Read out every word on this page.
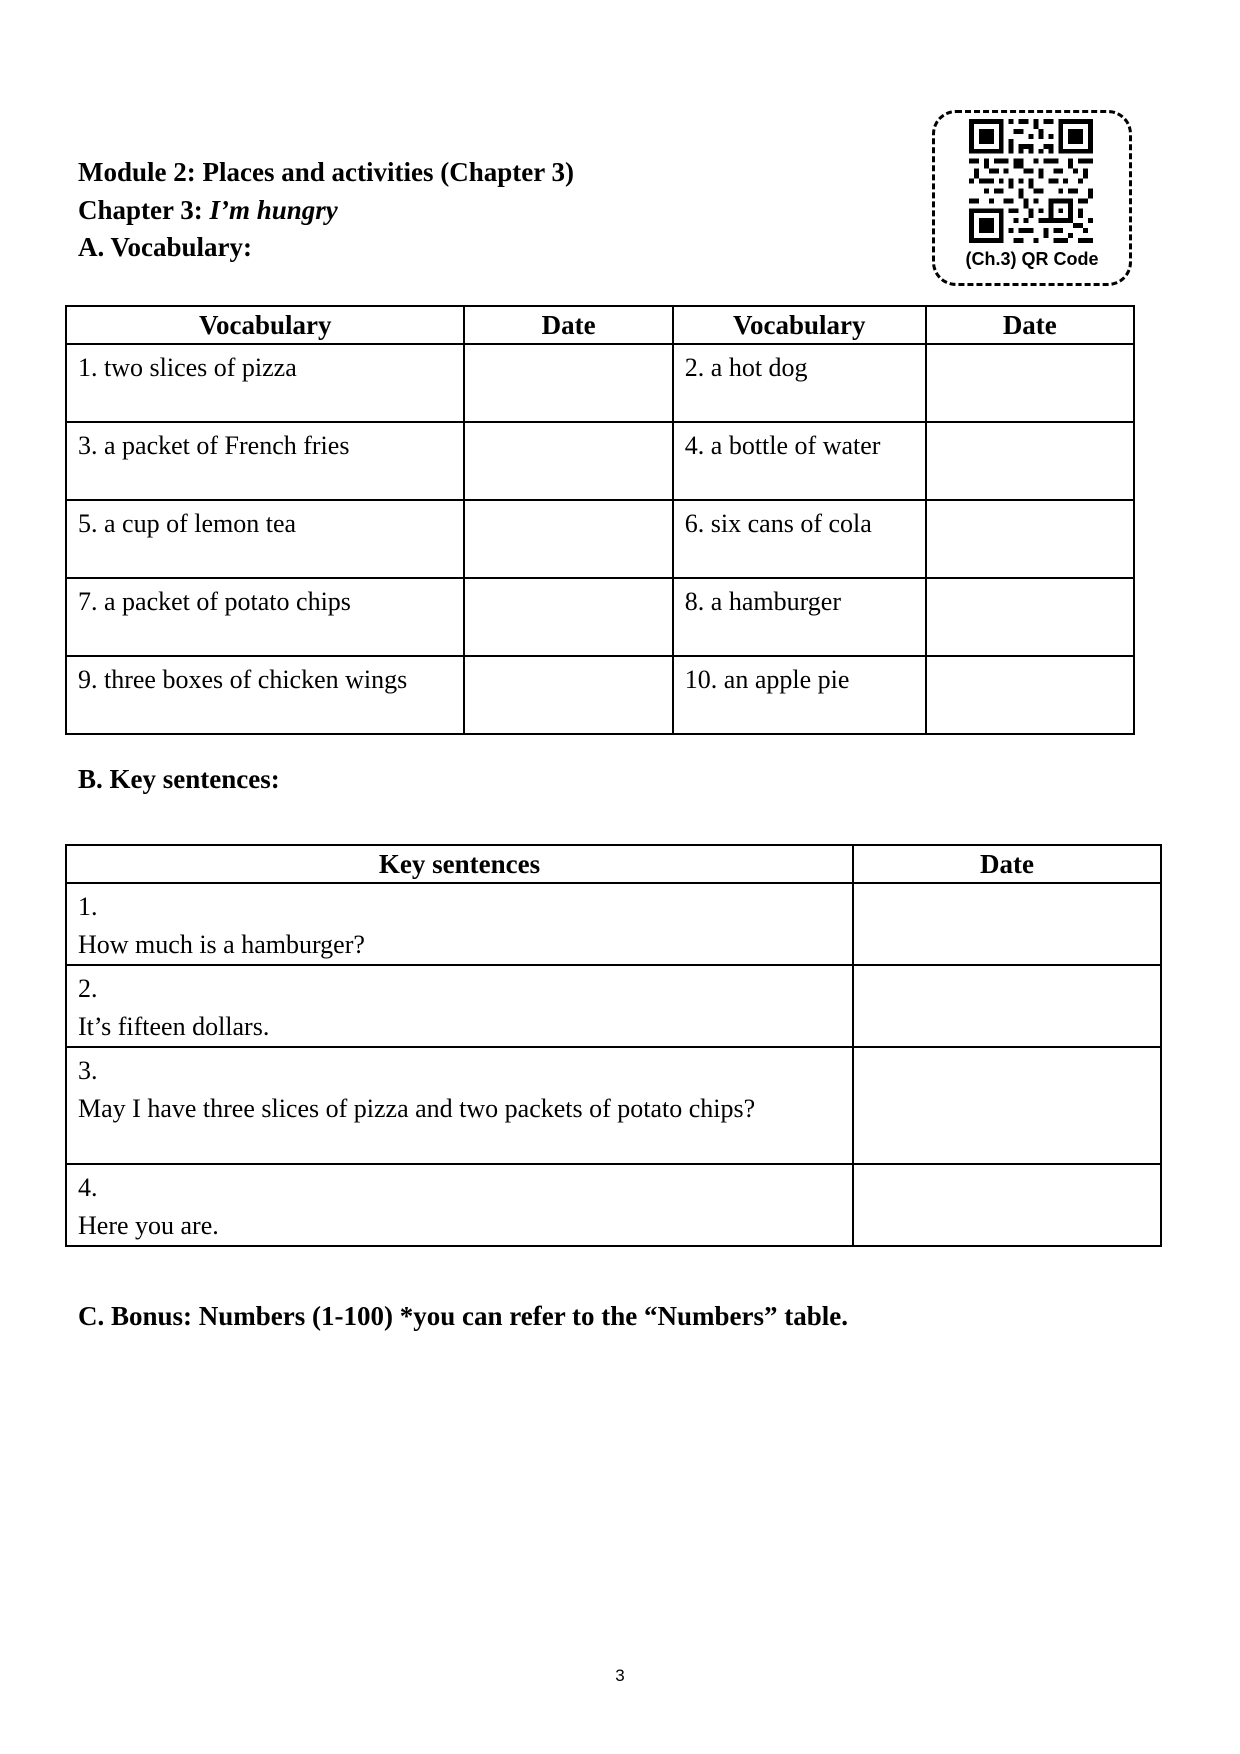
Module 2: Places and activities (Chapter 3)
Chapter 3: I’m hungry
A. Vocabulary:	(Ch.3) QR Code
Vocabulary	Date	Vocabulary	Date
1. two slices of pizza		2. a hot dog	
3. a packet of French fries		4. a bottle of water	
5. a cup of lemon tea		6. six cans of cola	
7. a packet of potato chips		8. a hamburger	
9. three boxes of chicken wings		10. an apple pie	
B. Key sentences:
Key sentences	Date
1.How much is a hamburger?	
2.It’s fifteen dollars.	
3.May I have three slices of pizza and two packets of potato chips?	
4.Here you are.	
C. Bonus: Numbers (1-100) *you can refer to the “Numbers” table.
3
